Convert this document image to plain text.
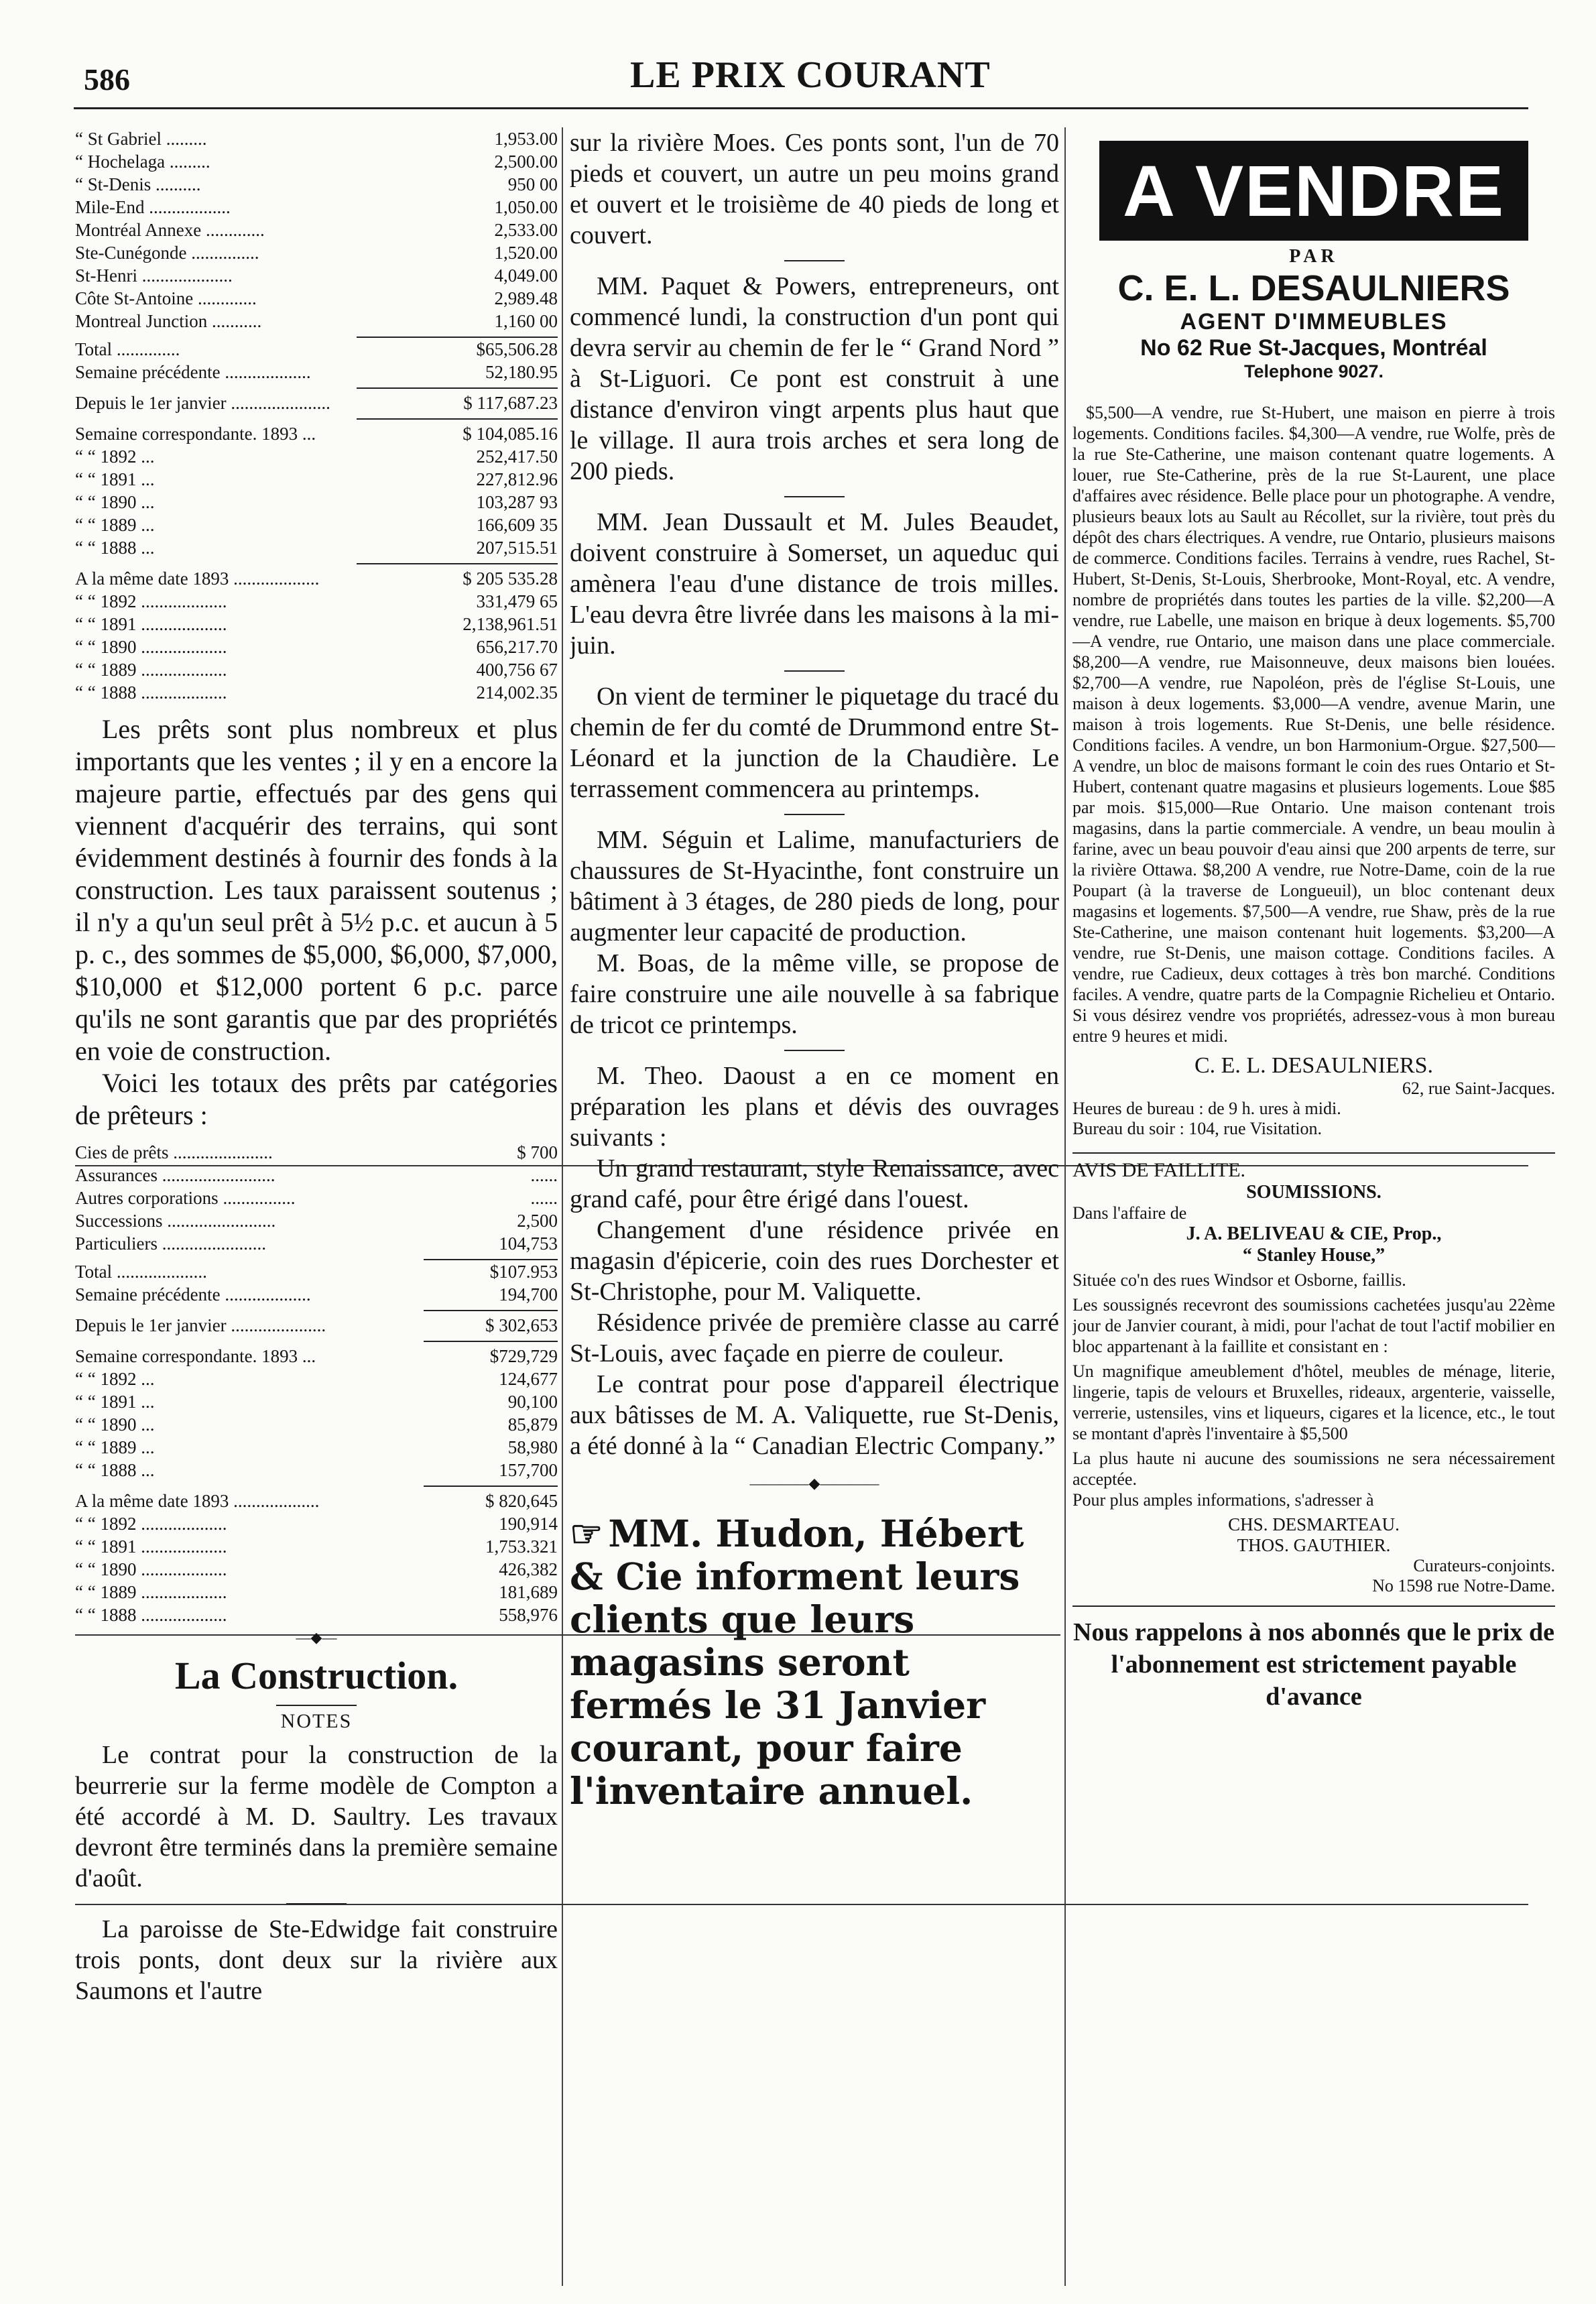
586	LE PRIX COURANT
“ St Gabriel .........	1,953.00
“ Hochelaga .........	2,500.00
“ St-Denis ..........	950 00
Mile-End ..................	1,050.00
Montréal Annexe .............	2,533.00
Ste-Cunégonde ...............	1,520.00
St-Henri ....................	4,049.00
Côte St-Antoine .............	2,989.48
Montreal Junction ...........	1,160 00
Total ..............	$65,506.28
Semaine précédente ...................	52,180.95
Depuis le 1er janvier ......................	$ 117,687.23
Semaine correspondante. 1893 ...	$ 104,085.16
“ “ 1892 ...	252,417.50
“ “ 1891 ...	227,812.96
“ “ 1890 ...	103,287 93
“ “ 1889 ...	166,609 35
“ “ 1888 ...	207,515.51
A la même date 1893 ...................	$ 205 535.28
“ “ 1892 ...................	331,479 65
“ “ 1891 ...................	2,138,961.51
“ “ 1890 ...................	656,217.70
“ “ 1889 ...................	400,756 67
“ “ 1888 ...................	214,002.35
Les prêts sont plus nombreux et plus importants que les ventes ; il y en a encore la majeure partie, effectués par des gens qui viennent d'acquérir des terrains, qui sont évidemment destinés à fournir des fonds à la construction. Les taux paraissent soutenus ; il n'y a qu'un seul prêt à 5½ p.c. et aucun à 5 p. c., des sommes de $5,000, $6,000, $7,000, $10,000 et $12,000 portent 6 p.c. parce qu'ils ne sont garantis que par des propriétés en voie de construction.
Voici les totaux des prêts par catégories de prêteurs :
Cies de prêts ......................	$ 700
Assurances .........................	......
Autres corporations ................	......
Successions ........................	2,500
Particuliers .......................	104,753
Total ....................	$107.953
Semaine précédente ...................	194,700
Depuis le 1er janvier .....................	$ 302,653
Semaine correspondante. 1893 ...	$729,729
“ “ 1892 ...	124,677
“ “ 1891 ...	90,100
“ “ 1890 ...	85,879
“ “ 1889 ...	58,980
“ “ 1888 ...	157,700
A la même date 1893 ...................	$ 820,645
“ “ 1892 ...................	190,914
“ “ 1891 ...................	1,753.321
“ “ 1890 ...................	426,382
“ “ 1889 ...................	181,689
“ “ 1888 ...................	558,976
―◆―
La Construction.
NOTES
Le contrat pour la construction de la beurrerie sur la ferme modèle de Compton a été accordé à M. D. Saultry. Les travaux devront être terminés dans la première semaine d'août.
La paroisse de Ste-Edwidge fait construire trois ponts, dont deux sur la rivière aux Saumons et l'autre
sur la rivière Moes. Ces ponts sont, l'un de 70 pieds et couvert, un autre un peu moins grand et ouvert et le troisième de 40 pieds de long et couvert.
MM. Paquet & Powers, entrepreneurs, ont commencé lundi, la construction d'un pont qui devra servir au chemin de fer le “ Grand Nord ” à St-Liguori. Ce pont est construit à une distance d'environ vingt arpents plus haut que le village. Il aura trois arches et sera long de 200 pieds.
MM. Jean Dussault et M. Jules Beaudet, doivent construire à Somerset, un aqueduc qui amènera l'eau d'une distance de trois milles. L'eau devra être livrée dans les maisons à la mi-juin.
On vient de terminer le piquetage du tracé du chemin de fer du comté de Drummond entre St-Léonard et la junction de la Chaudière. Le terrassement commencera au printemps.
MM. Séguin et Lalime, manufacturiers de chaussures de St-Hyacinthe, font construire un bâtiment à 3 étages, de 280 pieds de long, pour augmenter leur capacité de production.
M. Boas, de la même ville, se propose de faire construire une aile nouvelle à sa fabrique de tricot ce printemps.
M. Theo. Daoust a en ce moment en préparation les plans et dévis des ouvrages suivants :
Un grand restaurant, style Renaissance, avec grand café, pour être érigé dans l'ouest.
Changement d'une résidence privée en magasin d'épicerie, coin des rues Dorchester et St-Christophe, pour M. Valiquette.
Résidence privée de première classe au carré St-Louis, avec façade en pierre de couleur.
Le contrat pour pose d'appareil électrique aux bâtisses de M. A. Valiquette, rue St-Denis, a été donné à la “ Canadian Electric Company.”
――――◆――――
☞ MM. Hudon, Hébert & Cie informent leurs clients que leurs magasins seront fermés le 31 Janvier courant, pour faire l'inventaire annuel.
A VENDRE
PAR
C. E. L. DESAULNIERS
AGENT D'IMMEUBLES
No 62 Rue St-Jacques, Montréal
Telephone 9027.
$5,500—A vendre, rue St-Hubert, une maison en pierre à trois logements. Conditions faciles. $4,300—A vendre, rue Wolfe, près de la rue Ste-Catherine, une maison contenant quatre logements. A louer, rue Ste-Catherine, près de la rue St-Laurent, une place d'affaires avec résidence. Belle place pour un photographe. A vendre, plusieurs beaux lots au Sault au Récollet, sur la rivière, tout près du dépôt des chars électriques. A vendre, rue Ontario, plusieurs maisons de commerce. Conditions faciles. Terrains à vendre, rues Rachel, St-Hubert, St-Denis, St-Louis, Sherbrooke, Mont-Royal, etc. A vendre, nombre de propriétés dans toutes les parties de la ville. $2,200—A vendre, rue Labelle, une maison en brique à deux logements. $5,700—A vendre, rue Ontario, une maison dans une place commerciale. $8,200—A vendre, rue Maisonneuve, deux maisons bien louées. $2,700—A vendre, rue Napoléon, près de l'église St-Louis, une maison à deux logements. $3,000—A vendre, avenue Marin, une maison à trois logements. Rue St-Denis, une belle résidence. Conditions faciles. A vendre, un bon Harmonium-Orgue. $27,500—A vendre, un bloc de maisons formant le coin des rues Ontario et St-Hubert, contenant quatre magasins et plusieurs logements. Loue $85 par mois. $15,000—Rue Ontario. Une maison contenant trois magasins, dans la partie commerciale. A vendre, un beau moulin à farine, avec un beau pouvoir d'eau ainsi que 200 arpents de terre, sur la rivière Ottawa. $8,200 A vendre, rue Notre-Dame, coin de la rue Poupart (à la traverse de Longueuil), un bloc contenant deux magasins et logements. $7,500—A vendre, rue Shaw, près de la rue Ste-Catherine, une maison contenant huit logements. $3,200—A vendre, rue St-Denis, une maison cottage. Conditions faciles. A vendre, rue Cadieux, deux cottages à très bon marché. Conditions faciles. A vendre, quatre parts de la Compagnie Richelieu et Ontario. Si vous désirez vendre vos propriétés, adressez-vous à mon bureau entre 9 heures et midi.
C. E. L. DESAULNIERS.
62, rue Saint-Jacques.
Heures de bureau : de 9 h. ures à midi.
Bureau du soir : 104, rue Visitation.
AVIS DE FAILLITE.
SOUMISSIONS.
Dans l'affaire de
J. A. BELIVEAU & CIE, Prop.,
“ Stanley House,”
Située co'n des rues Windsor et Osborne, faillis.
Les soussignés recevront des soumissions cachetées jusqu'au 22ème jour de Janvier courant, à midi, pour l'achat de tout l'actif mobilier en bloc appartenant à la faillite et consistant en :
Un magnifique ameublement d'hôtel, meubles de ménage, literie, lingerie, tapis de velours et Bruxelles, rideaux, argenterie, vaisselle, verrerie, ustensiles, vins et liqueurs, cigares et la licence, etc., le tout se montant d'après l'inventaire à $5,500
La plus haute ni aucune des soumissions ne sera nécessairement acceptée.
Pour plus amples informations, s'adresser à
CHS. DESMARTEAU.
THOS. GAUTHIER.
Curateurs-conjoints.
No 1598 rue Notre-Dame.
Nous rappelons à nos abonnés que le prix de l'abonnement est strictement payable d'avance
